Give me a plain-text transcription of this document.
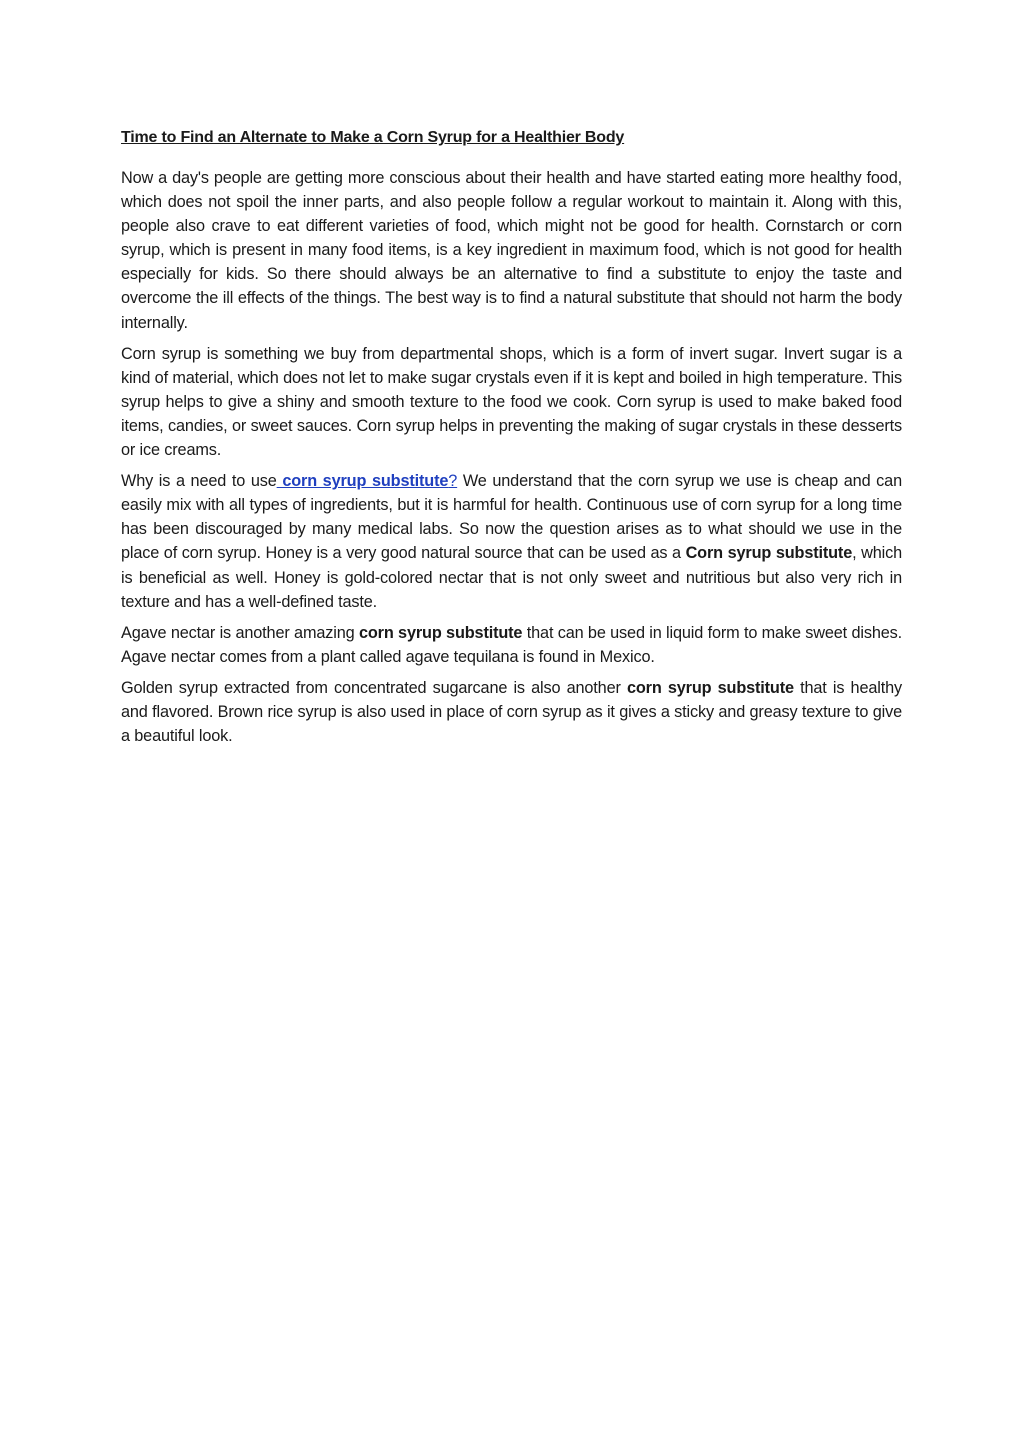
Time to Find an Alternate to Make a Corn Syrup for a Healthier Body

Now a day's people are getting more conscious about their health and have started eating more healthy food, which does not spoil the inner parts, and also people follow a regular workout to maintain it. Along with this, people also crave to eat different varieties of food, which might not be good for health. Cornstarch or corn syrup, which is present in many food items, is a key ingredient in maximum food, which is not good for health especially for kids. So there should always be an alternative to find a substitute to enjoy the taste and overcome the ill effects of the things. The best way is to find a natural substitute that should not harm the body internally.

Corn syrup is something we buy from departmental shops, which is a form of invert sugar. Invert sugar is a kind of material, which does not let to make sugar crystals even if it is kept and boiled in high temperature. This syrup helps to give a shiny and smooth texture to the food we cook. Corn syrup is used to make baked food items, candies, or sweet sauces. Corn syrup helps in preventing the making of sugar crystals in these desserts or ice creams.

Why is a need to use corn syrup substitute? We understand that the corn syrup we use is cheap and can easily mix with all types of ingredients, but it is harmful for health. Continuous use of corn syrup for a long time has been discouraged by many medical labs. So now the question arises as to what should we use in the place of corn syrup. Honey is a very good natural source that can be used as a Corn syrup substitute, which is beneficial as well. Honey is gold-colored nectar that is not only sweet and nutritious but also very rich in texture and has a well-defined taste.

Agave nectar is another amazing corn syrup substitute that can be used in liquid form to make sweet dishes. Agave nectar comes from a plant called agave tequilana is found in Mexico.

Golden syrup extracted from concentrated sugarcane is also another corn syrup substitute that is healthy and flavored. Brown rice syrup is also used in place of corn syrup as it gives a sticky and greasy texture to give a beautiful look.
